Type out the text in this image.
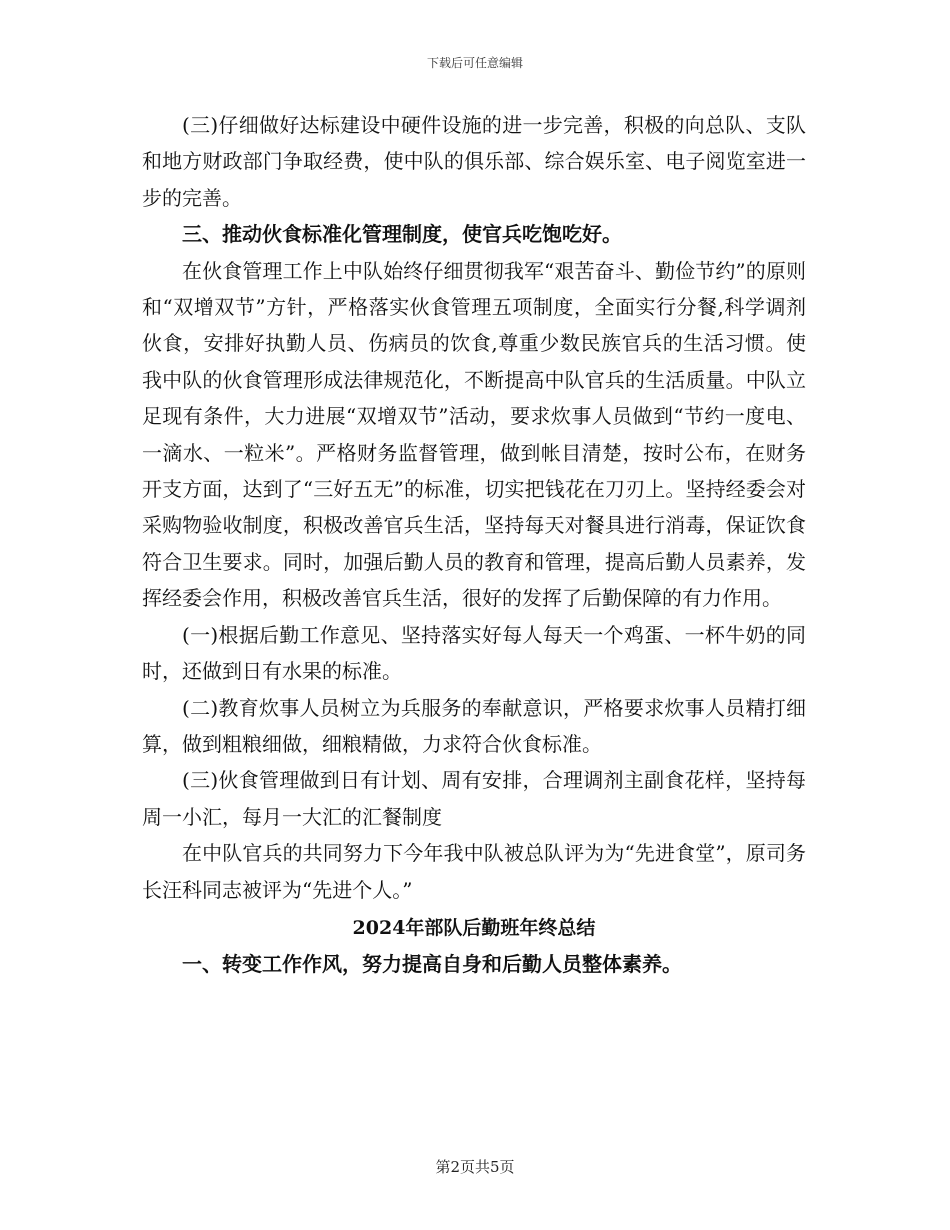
下载后可任意编辑

(三)仔细做好达标建设中硬件设施的进一步完善，积极的向总队、支队和地方财政部门争取经费，使中队的俱乐部、综合娱乐室、电子阅览室进一步的完善。

三、推动伙食标准化管理制度，使官兵吃饱吃好。

在伙食管理工作上中队始终仔细贯彻我军“艰苦奋斗、勤俭节约”的原则和“双增双节”方针，严格落实伙食管理五项制度，全面实行分餐,科学调剂伙食，安排好执勤人员、伤病员的饮食,尊重少数民族官兵的生活习惯。使我中队的伙食管理形成法律规范化，不断提高中队官兵的生活质量。中队立足现有条件，大力进展“双增双节”活动，要求炊事人员做到“节约一度电、一滴水、一粒米”。严格财务监督管理，做到帐目清楚，按时公布，在财务开支方面，达到了“三好五无”的标准，切实把钱花在刀刃上。坚持经委会对采购物验收制度，积极改善官兵生活，坚持每天对餐具进行消毒，保证饮食符合卫生要求。同时，加强后勤人员的教育和管理，提高后勤人员素养，发挥经委会作用，积极改善官兵生活，很好的发挥了后勤保障的有力作用。

(一)根据后勤工作意见、坚持落实好每人每天一个鸡蛋、一杯牛奶的同时，还做到日有水果的标准。

(二)教育炊事人员树立为兵服务的奉献意识，严格要求炊事人员精打细算，做到粗粮细做，细粮精做，力求符合伙食标准。

(三)伙食管理做到日有计划、周有安排，合理调剂主副食花样，坚持每周一小汇，每月一大汇的汇餐制度

在中队官兵的共同努力下今年我中队被总队评为为“先进食堂”，原司务长汪科同志被评为“先进个人。”

2024年部队后勤班年终总结

一、转变工作作风，努力提高自身和后勤人员整体素养。

第2页共5页
